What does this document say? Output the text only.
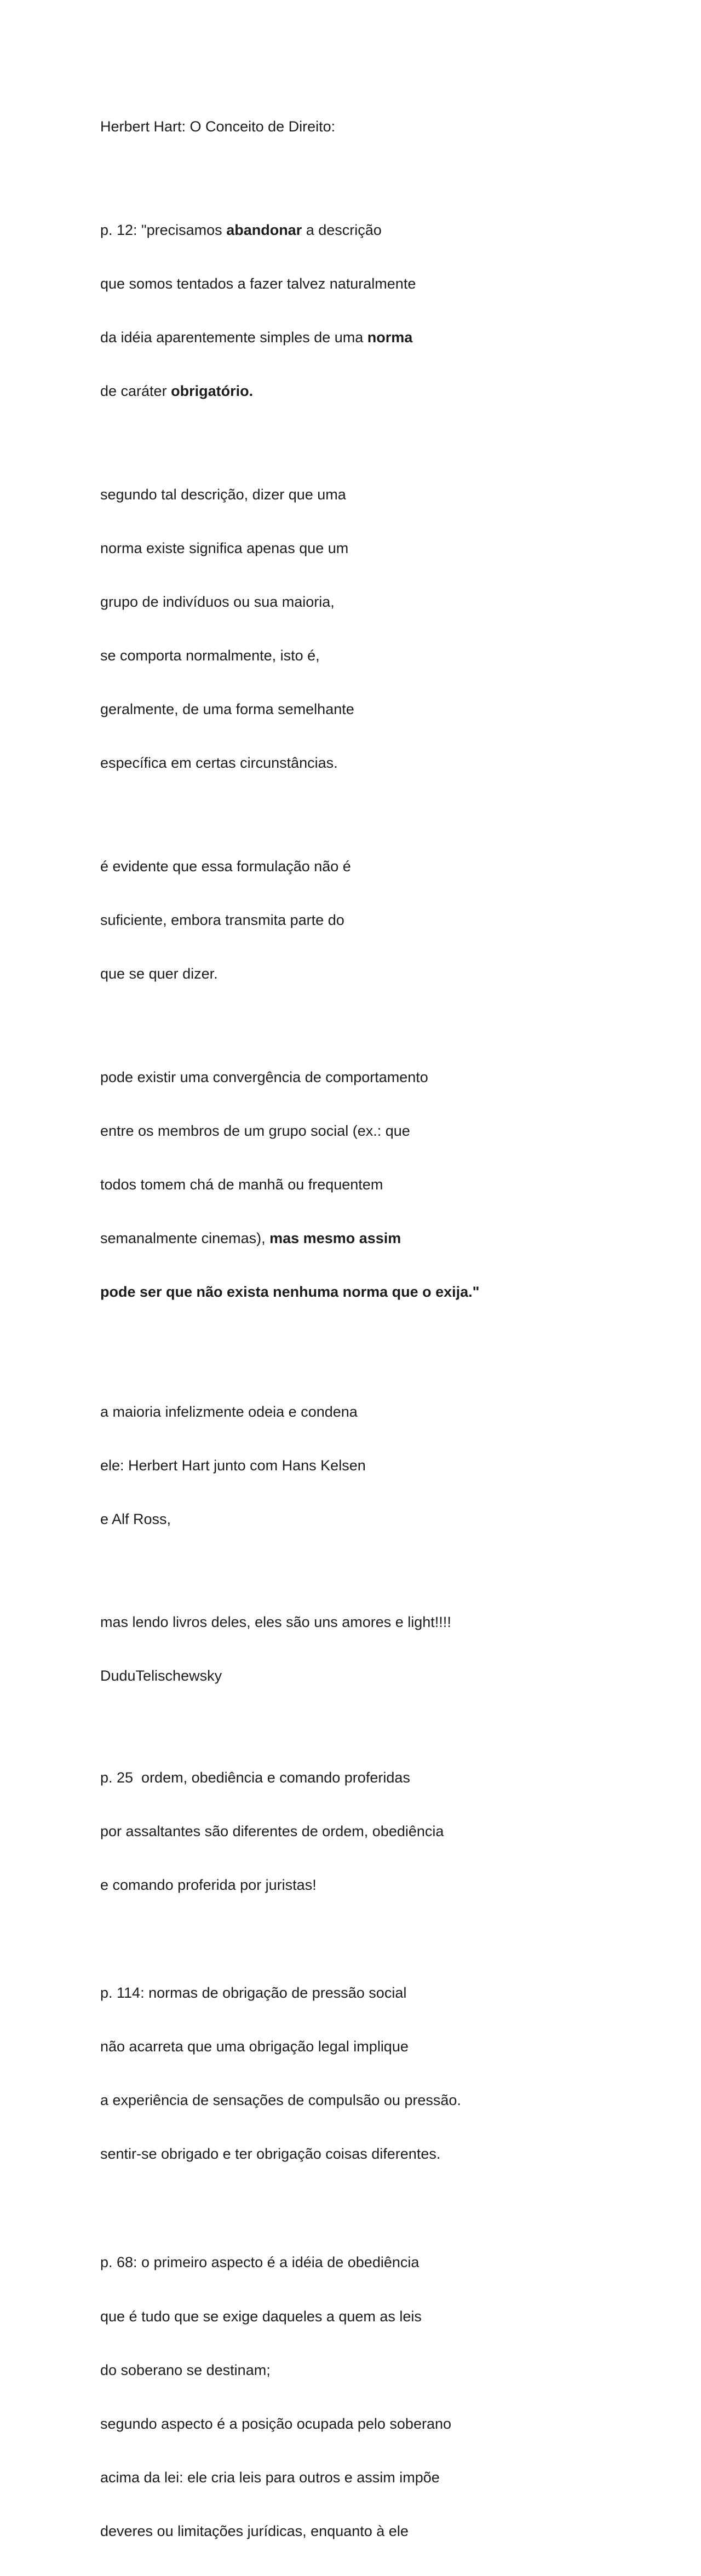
Herbert Hart: O Conceito de Direito:

p. 12: "precisamos abandonar a descrição

que somos tentados a fazer talvez naturalmente

da idéia aparentemente simples de uma norma

de caráter obrigatório.

segundo tal descrição, dizer que uma

norma existe significa apenas que um

grupo de indivíduos ou sua maioria,

se comporta normalmente, isto é,

geralmente, de uma forma semelhante

específica em certas circunstâncias.

é evidente que essa formulação não é

suficiente, embora transmita parte do

que se quer dizer.

pode existir uma convergência de comportamento

entre os membros de um grupo social (ex.: que

todos tomem chá de manhã ou frequentem

semanalmente cinemas), mas mesmo assim

pode ser que não exista nenhuma norma que o exija."

a maioria infelizmente odeia e condena

ele: Herbert Hart junto com Hans Kelsen

e Alf Ross,

mas lendo livros deles, eles são uns amores e light!!!!

DuduTelischewsky

p. 25  ordem, obediência e comando proferidas

por assaltantes são diferentes de ordem, obediência

e comando proferida por juristas!

p. 114: normas de obrigação de pressão social

não acarreta que uma obrigação legal implique

a experiência de sensações de compulsão ou pressão.

sentir-se obrigado e ter obrigação coisas diferentes.

p. 68: o primeiro aspecto é a idéia de obediência

que é tudo que se exige daqueles a quem as leis

do soberano se destinam;

segundo aspecto é a posição ocupada pelo soberano

acima da lei: ele cria leis para outros e assim impõe

deveres ou limitações jurídicas, enquanto à ele
